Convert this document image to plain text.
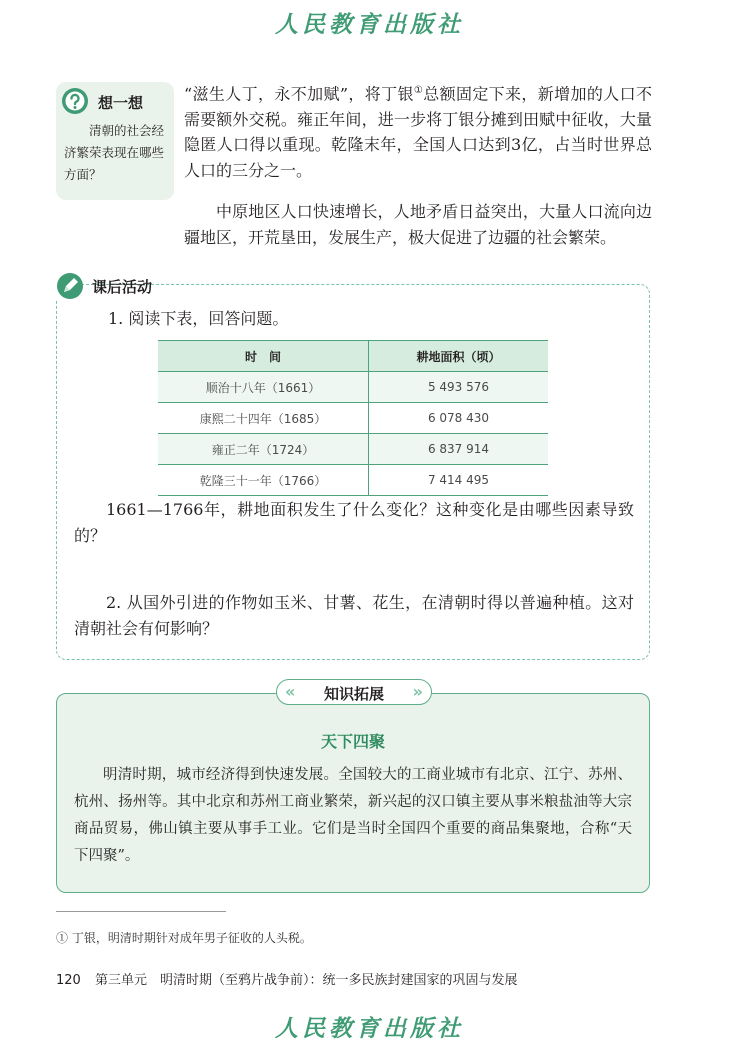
人民教育出版社
想一想
清朝的社会经济繁荣表现在哪些方面？
“滋生人丁，永不加赋”，将丁银①总额固定下来，新增加的人口不需要额外交税。雍正年间，进一步将丁银分摊到田赋中征收，大量隐匿人口得以重现。乾隆末年，全国人口达到3亿，占当时世界总人口的三分之一。
中原地区人口快速增长，人地矛盾日益突出，大量人口流向边疆地区，开荒垦田，发展生产，极大促进了边疆的社会繁荣。
课后活动
1. 阅读下表，回答问题。
时　间	耕地面积（顷）
顺治十八年（1661）	5 493 576
康熙二十四年（1685）	6 078 430
雍正二年（1724）	6 837 914
乾隆三十一年（1766）	7 414 495
1661—1766年，耕地面积发生了什么变化？这种变化是由哪些因素导致的？
2. 从国外引进的作物如玉米、甘薯、花生，在清朝时得以普遍种植。这对清朝社会有何影响？
«	知识拓展	»
天下四聚
明清时期，城市经济得到快速发展。全国较大的工商业城市有北京、江宁、苏州、杭州、扬州等。其中北京和苏州工商业繁荣，新兴起的汉口镇主要从事米粮盐油等大宗商品贸易，佛山镇主要从事手工业。它们是当时全国四个重要的商品集聚地，合称“天下四聚”。
① 丁银，明清时期针对成年男子征收的人头税。
120 第三单元　明清时期（至鸦片战争前）：统一多民族封建国家的巩固与发展
人民教育出版社
